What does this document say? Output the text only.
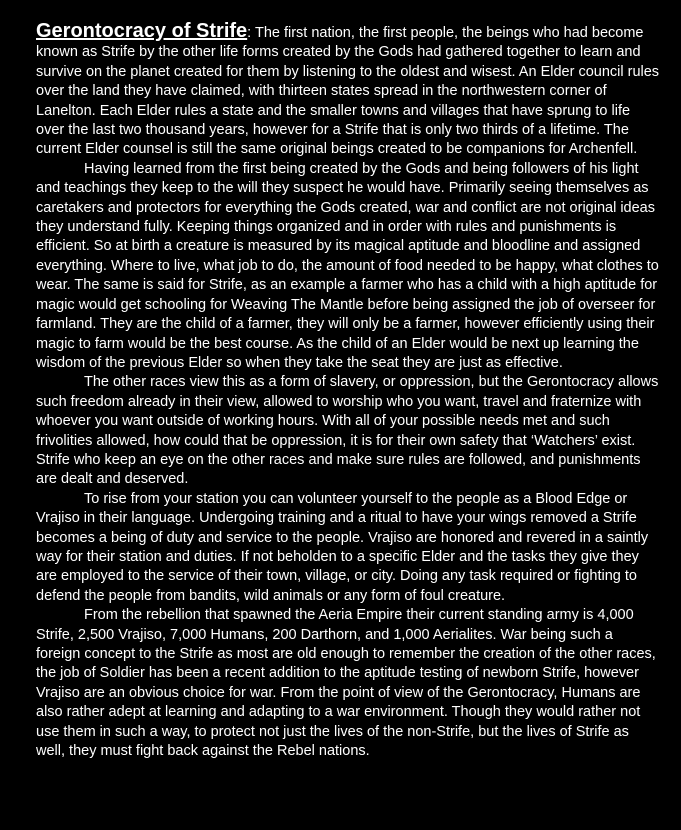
Gerontocracy of Strife: The first nation, the first people, the beings who had become known as Strife by the other life forms created by the Gods had gathered together to learn and survive on the planet created for them by listening to the oldest and wisest. An Elder council rules over the land they have claimed, with thirteen states spread in the northwestern corner of Lanelton. Each Elder rules a state and the smaller towns and villages that have sprung to life over the last two thousand years, however for a Strife that is only two thirds of a lifetime. The current Elder counsel is still the same original beings created to be companions for Archenfell.

Having learned from the first being created by the Gods and being followers of his light and teachings they keep to the will they suspect he would have. Primarily seeing themselves as caretakers and protectors for everything the Gods created, war and conflict are not original ideas they understand fully. Keeping things organized and in order with rules and punishments is efficient. So at birth a creature is measured by its magical aptitude and bloodline and assigned everything. Where to live, what job to do, the amount of food needed to be happy, what clothes to wear. The same is said for Strife, as an example a farmer who has a child with a high aptitude for magic would get schooling for Weaving The Mantle before being assigned the job of overseer for farmland. They are the child of a farmer, they will only be a farmer, however efficiently using their magic to farm would be the best course. As the child of an Elder would be next up learning the wisdom of the previous Elder so when they take the seat they are just as effective.

The other races view this as a form of slavery, or oppression, but the Gerontocracy allows such freedom already in their view, allowed to worship who you want, travel and fraternize with whoever you want outside of working hours. With all of your possible needs met and such frivolities allowed, how could that be oppression, it is for their own safety that ‘Watchers’ exist. Strife who keep an eye on the other races and make sure rules are followed, and punishments are dealt and deserved.

To rise from your station you can volunteer yourself to the people as a Blood Edge or Vrajiso in their language. Undergoing training and a ritual to have your wings removed a Strife becomes a being of duty and service to the people. Vrajiso are honored and revered in a saintly way for their station and duties. If not beholden to a specific Elder and the tasks they give they are employed to the service of their town, village, or city. Doing any task required or fighting to defend the people from bandits, wild animals or any form of foul creature.

From the rebellion that spawned the Aeria Empire their current standing army is 4,000 Strife, 2,500 Vrajiso, 7,000 Humans, 200 Darthorn, and 1,000 Aerialites. War being such a foreign concept to the Strife as most are old enough to remember the creation of the other races, the job of Soldier has been a recent addition to the aptitude testing of newborn Strife, however Vrajiso are an obvious choice for war. From the point of view of the Gerontocracy, Humans are also rather adept at learning and adapting to a war environment. Though they would rather not use them in such a way, to protect not just the lives of the non-Strife, but the lives of Strife as well, they must fight back against the Rebel nations.
